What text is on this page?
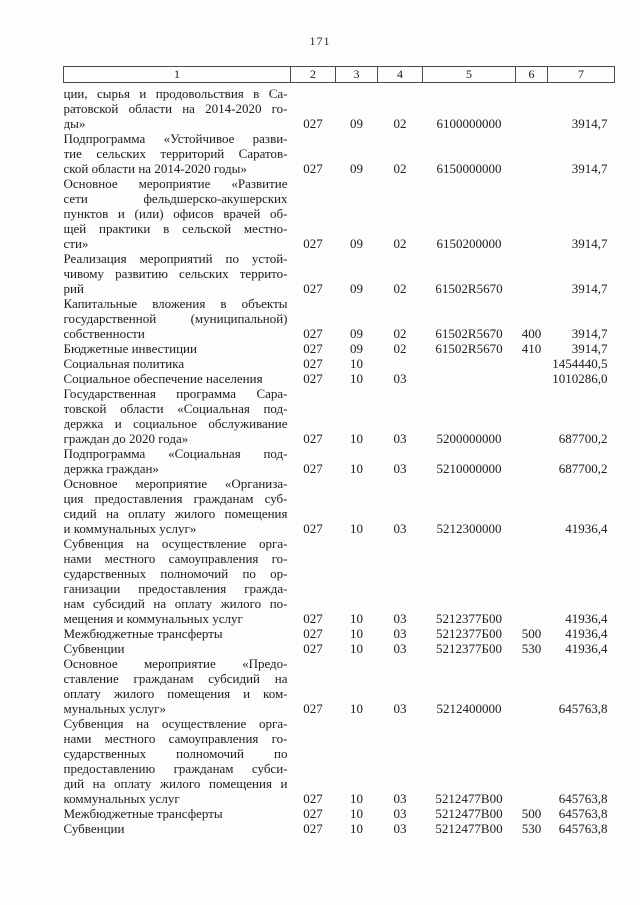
171
1	2	3	4	5	6	7

ции, сырья и продовольствия в Са-
ратовской области на 2014-2020 го-
ды»	027	09	02	6100000000		3914,7

Подпрограмма «Устойчивое разви-
тие сельских территорий Саратов-
ской области на 2014-2020 годы»	027	09	02	6150000000		3914,7

Основное мероприятие «Развитие
сети фельдшерско-акушерских
пунктов и (или) офисов врачей об-
щей практики в сельской местно-
сти»	027	09	02	6150200000		3914,7

Реализация мероприятий по устой-
чивому развитию сельских террито-
рий	027	09	02	61502R5670		3914,7

Капитальные вложения в объекты
государственной (муниципальной)
собственности	027	09	02	61502R5670	400	3914,7

Бюджетные инвестиции	027	09	02	61502R5670	410	3914,7

Социальная политика	027	10				1454440,5

Социальное обеспечение населения	027	10	03			1010286,0

Государственная программа Сара-
товской области «Социальная под-
держка и социальное обслуживание
граждан до 2020 года»	027	10	03	5200000000		687700,2

Подпрограмма «Социальная под-
держка граждан»	027	10	03	5210000000		687700,2

Основное мероприятие «Организа-
ция предоставления гражданам суб-
сидий на оплату жилого помещения
и коммунальных услуг»	027	10	03	5212300000		41936,4

Субвенция на осуществление орга-
нами местного самоуправления го-
сударственных полномочий по ор-
ганизации предоставления гражда-
нам субсидий на оплату жилого по-
мещения и коммунальных услуг	027	10	03	5212377Б00		41936,4

Межбюджетные трансферты	027	10	03	5212377Б00	500	41936,4

Субвенции	027	10	03	5212377Б00	530	41936,4

Основное мероприятие «Предо-
ставление гражданам субсидий на
оплату жилого помещения и ком-
мунальных услуг»	027	10	03	5212400000		645763,8

Субвенция на осуществление орга-
нами местного самоуправления го-
сударственных полномочий по
предоставлению гражданам субси-
дий на оплату жилого помещения и
коммунальных услуг	027	10	03	5212477В00		645763,8

Межбюджетные трансферты	027	10	03	5212477В00	500	645763,8

Субвенции	027	10	03	5212477В00	530	645763,8
